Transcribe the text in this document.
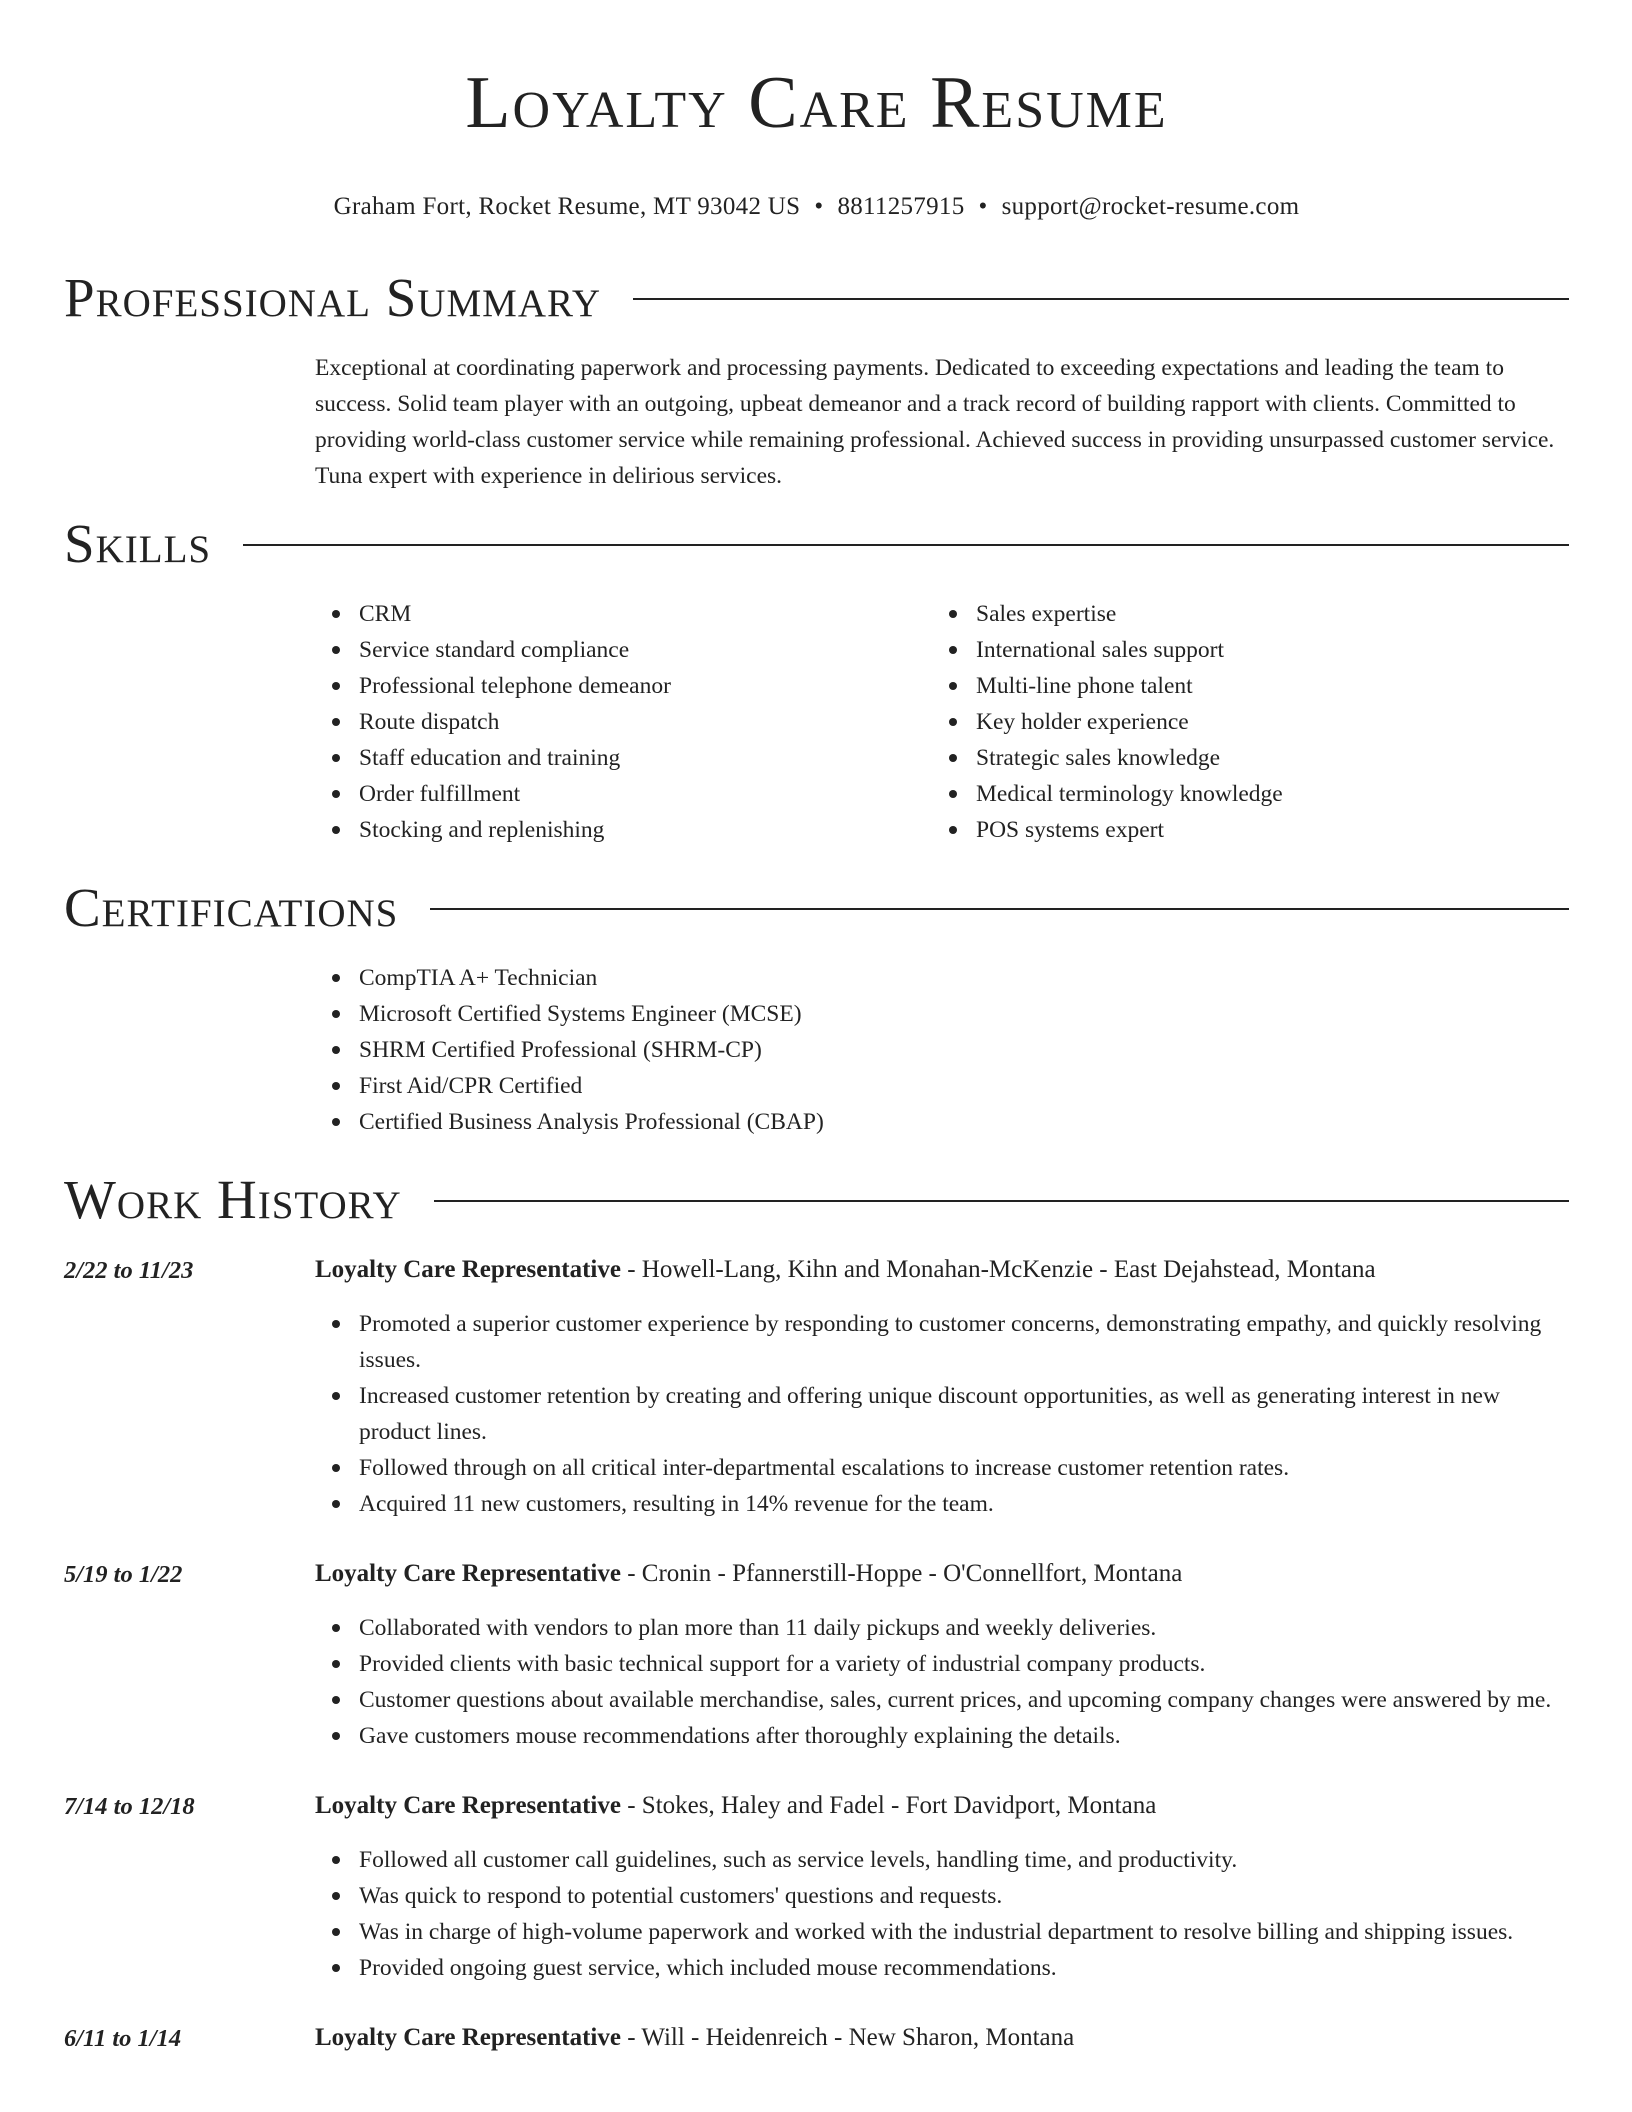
Loyalty Care Resume
Graham Fort, Rocket Resume, MT 93042 US • 8811257915 • support@rocket-resume.com
Professional Summary
Exceptional at coordinating paperwork and processing payments. Dedicated to exceeding expectations and leading the team to success. Solid team player with an outgoing, upbeat demeanor and a track record of building rapport with clients. Committed to providing world-class customer service while remaining professional. Achieved success in providing unsurpassed customer service. Tuna expert with experience in delirious services.
Skills
CRM
Service standard compliance
Professional telephone demeanor
Route dispatch
Staff education and training
Order fulfillment
Stocking and replenishing
Sales expertise
International sales support
Multi-line phone talent
Key holder experience
Strategic sales knowledge
Medical terminology knowledge
POS systems expert
Certifications
CompTIA A+ Technician
Microsoft Certified Systems Engineer (MCSE)
SHRM Certified Professional (SHRM-CP)
First Aid/CPR Certified
Certified Business Analysis Professional (CBAP)
Work History
2/22 to 11/23	Loyalty Care Representative - Howell-Lang, Kihn and Monahan-McKenzie - East Dejahstead, Montana
Promoted a superior customer experience by responding to customer concerns, demonstrating empathy, and quickly resolving issues.
Increased customer retention by creating and offering unique discount opportunities, as well as generating interest in new product lines.
Followed through on all critical inter-departmental escalations to increase customer retention rates.
Acquired 11 new customers, resulting in 14% revenue for the team.
5/19 to 1/22	Loyalty Care Representative - Cronin - Pfannerstill-Hoppe - O'Connellfort, Montana
Collaborated with vendors to plan more than 11 daily pickups and weekly deliveries.
Provided clients with basic technical support for a variety of industrial company products.
Customer questions about available merchandise, sales, current prices, and upcoming company changes were answered by me.
Gave customers mouse recommendations after thoroughly explaining the details.
7/14 to 12/18	Loyalty Care Representative - Stokes, Haley and Fadel - Fort Davidport, Montana
Followed all customer call guidelines, such as service levels, handling time, and productivity.
Was quick to respond to potential customers' questions and requests.
Was in charge of high-volume paperwork and worked with the industrial department to resolve billing and shipping issues.
Provided ongoing guest service, which included mouse recommendations.
6/11 to 1/14	Loyalty Care Representative - Will - Heidenreich - New Sharon, Montana
